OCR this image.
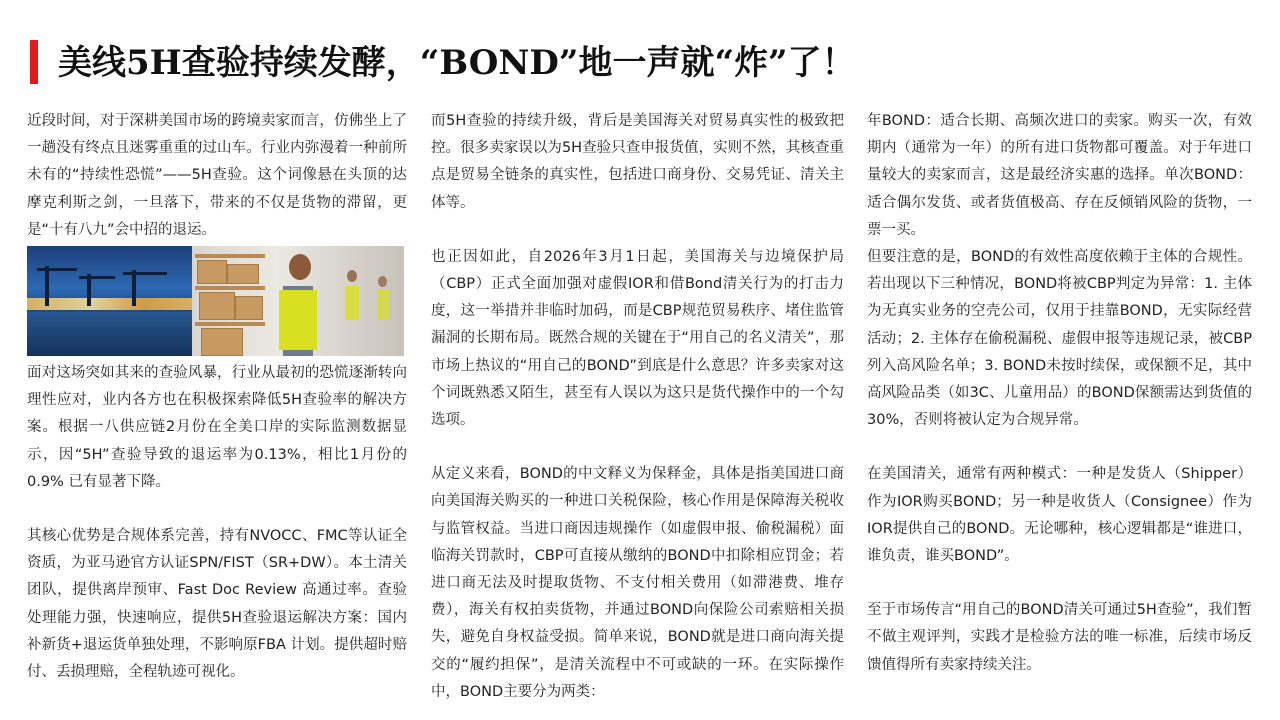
美线5H查验持续发酵，“BOND”地一声就“炸”了！

近段时间，对于深耕美国市场的跨境卖家而言，仿佛坐上了一趟没有终点且迷雾重重的过山车。行业内弥漫着一种前所未有的“持续性恐慌”——5H查验。这个词像悬在头顶的达摩克利斯之剑，一旦落下，带来的不仅是货物的滞留，更是“十有八九”会中招的退运。

面对这场突如其来的查验风暴，行业从最初的恐慌逐渐转向理性应对，业内各方也在积极探索降低5H查验率的解决方案。根据一八供应链2月份在全美口岸的实际监测数据显示，因“5H”查验导致的退运率为0.13%，相比1月份的0.9% 已有显著下降。

其核心优势是合规体系完善，持有NVOCC、FMC等认证全资质，为亚马逊官方认证SPN/FIST（SR+DW）。本土清关团队，提供离岸预审、Fast Doc Review 高通过率。查验处理能力强，快速响应，提供5H查验退运解决方案：国内补新货+退运货单独处理，不影响原FBA 计划。提供超时赔付、丢损理赔，全程轨迹可视化。

而5H查验的持续升级，背后是美国海关对贸易真实性的极致把控。很多卖家误以为5H查验只查申报货值，实则不然，其核查重点是贸易全链条的真实性，包括进口商身份、交易凭证、清关主体等。

也正因如此，自2026年3月1日起，美国海关与边境保护局（CBP）正式全面加强对虚假IOR和借Bond清关行为的打击力度，这一举措并非临时加码，而是CBP规范贸易秩序、堵住监管漏洞的长期布局。既然合规的关键在于“用自己的名义清关”，那市场上热议的“用自己的BOND”到底是什么意思？许多卖家对这个词既熟悉又陌生，甚至有人误以为这只是货代操作中的一个勾选项。

从定义来看，BOND的中文释义为保释金，具体是指美国进口商向美国海关购买的一种进口关税保险，核心作用是保障海关税收与监管权益。当进口商因违规操作（如虚假申报、偷税漏税）面临海关罚款时，CBP可直接从缴纳的BOND中扣除相应罚金；若进口商无法及时提取货物、不支付相关费用（如滞港费、堆存费），海关有权拍卖货物，并通过BOND向保险公司索赔相关损失，避免自身权益受损。简单来说，BOND就是进口商向海关提交的“履约担保”，是清关流程中不可或缺的一环。在实际操作中，BOND主要分为两类：

年BOND：适合长期、高频次进口的卖家。购买一次，有效期内（通常为一年）的所有进口货物都可覆盖。对于年进口量较大的卖家而言，这是最经济实惠的选择。单次BOND：适合偶尔发货、或者货值极高、存在反倾销风险的货物，一票一买。

但要注意的是，BOND的有效性高度依赖于主体的合规性。若出现以下三种情况，BOND将被CBP判定为异常：1. 主体为无真实业务的空壳公司，仅用于挂靠BOND，无实际经营活动；2. 主体存在偷税漏税、虚假申报等违规记录，被CBP列入高风险名单；3. BOND未按时续保，或保额不足，其中高风险品类（如3C、儿童用品）的BOND保额需达到货值的30%，否则将被认定为合规异常。

在美国清关，通常有两种模式：一种是发货人（Shipper）作为IOR购买BOND；另一种是收货人（Consignee）作为IOR提供自己的BOND。无论哪种，核心逻辑都是“谁进口，谁负责，谁买BOND”。

至于市场传言“用自己的BOND清关可通过5H查验”，我们暂不做主观评判，实践才是检验方法的唯一标准，后续市场反馈值得所有卖家持续关注。
